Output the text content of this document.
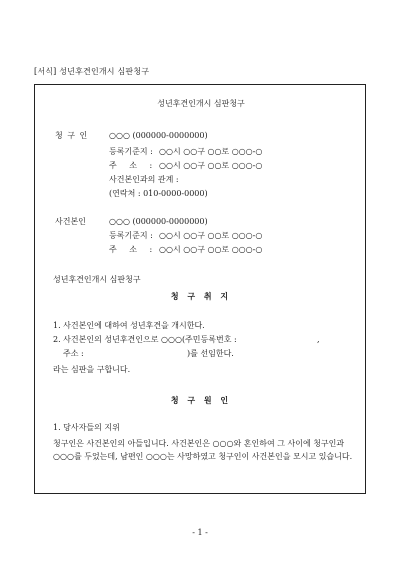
[서식] 성년후견인개시 심판청구
성년후견인개시 심판청구
청 구 인	○○○ (000000-0000000)
등록기준지 : ○○시 ○○구 ○○로 ○○○-○
주 소 : ○○시 ○○구 ○○로 ○○○-○
사건본인과의 관계 :
(연락처 : 010-0000-0000)
사건본인	○○○ (000000-0000000)
등록기준지 : ○○시 ○○구 ○○로 ○○○-○
주 소 : ○○시 ○○구 ○○로 ○○○-○
성년후견인개시 심판청구
청 구 취 지
1. 사건본인에 대하여 성년후견을 개시한다.
2. 사건본인의 성년후견인으로 ○○○(주민등록번호 :	,
주소 :	)를 선임한다.
라는 심판을 구합니다.
청 구 원 인
1. 당사자들의 지위
청구인은 사건본인의 아들입니다. 사건본인은 ○○○와 혼인하여 그 사이에 청구인과 ○○○를 두었는데, 남편인 ○○○는 사망하였고 청구인이 사건본인을 모시고 있습니다.
- 1 -
